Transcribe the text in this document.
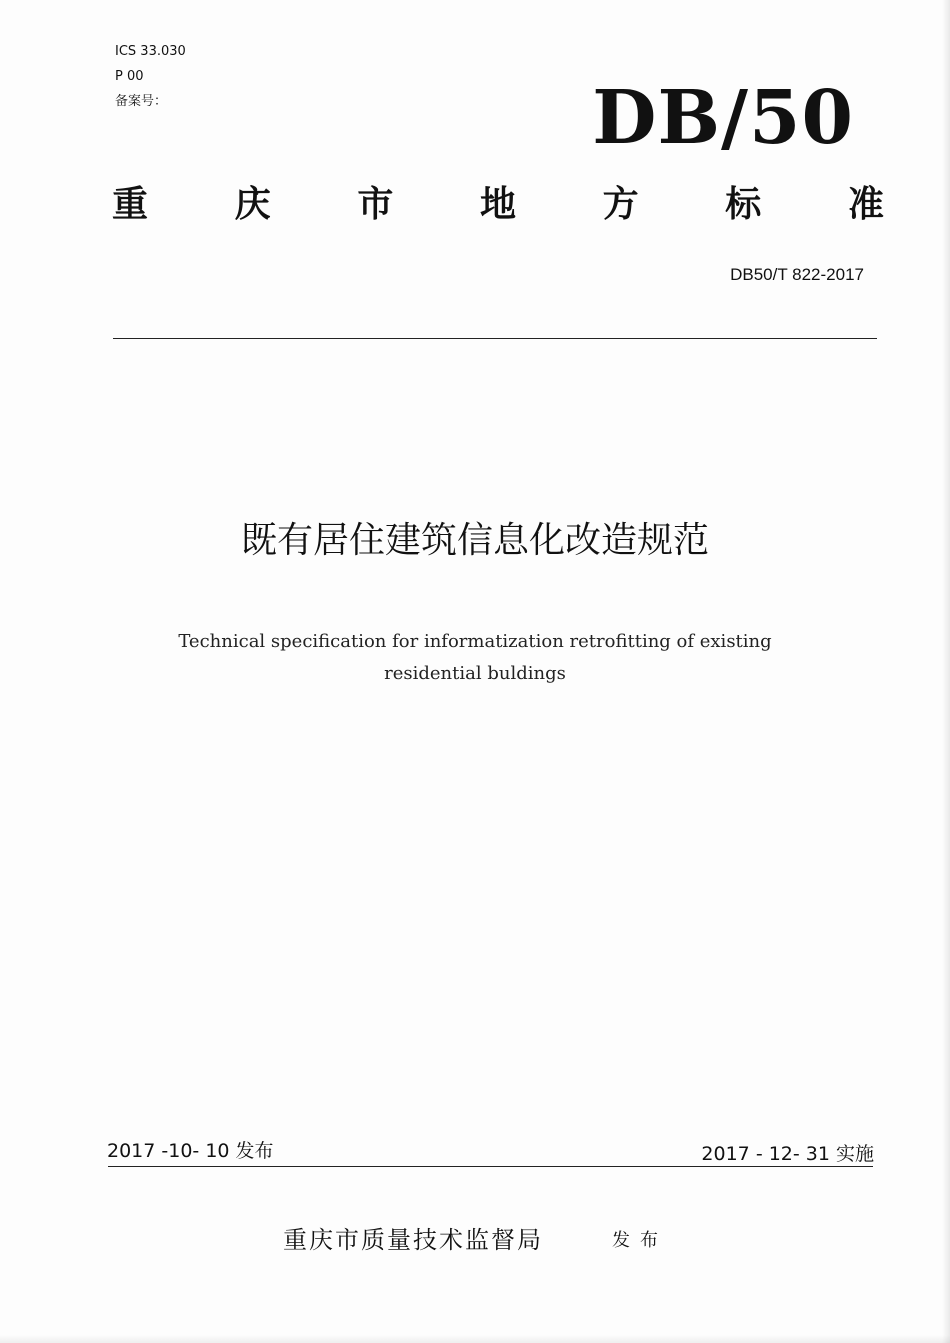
ICS 33.030
P 00
备案号：	DB/50
重 庆 市 地 方 标 准
DB50/T 822-2017
既有居住建筑信息化改造规范
Technical specification for informatization retrofitting of existing
residential buldings
2017 -10- 10 发布	2017 - 12- 31 实施
重庆市质量技术监督局	发布
